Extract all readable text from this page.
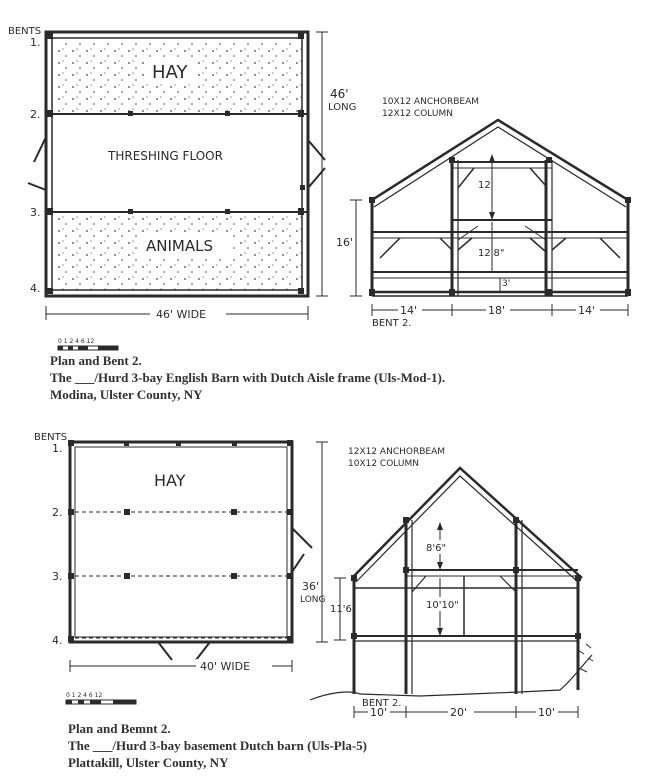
BENTS
1.
2.
3.
4.
HAY
THRESHING FLOOR
ANIMALS
46'
LONG
46' WIDE
10X12 ANCHORBEAM
12X12 COLUMN
12'
12'8"
3'
16'
14'	18'	14'
BENT 2.
0 1 2 4 6 12
BENTS
1.
2.
3.
4.
HAY
36'
LONG
40' WIDE
12X12 ANCHORBEAM
10X12 COLUMN
8'6"
10'10"
11'6"
10'	20'	10'
BENT 2.
0 1 2 4 6 12
Plan and Bent 2.
The ___/Hurd 3-bay English Barn with Dutch Aisle frame (Uls-Mod-1).
Modina, Ulster County, NY
Plan and Bemnt 2.
The ___/Hurd 3-bay basement Dutch barn (Uls-Pla-5)
Plattakill, Ulster County, NY
